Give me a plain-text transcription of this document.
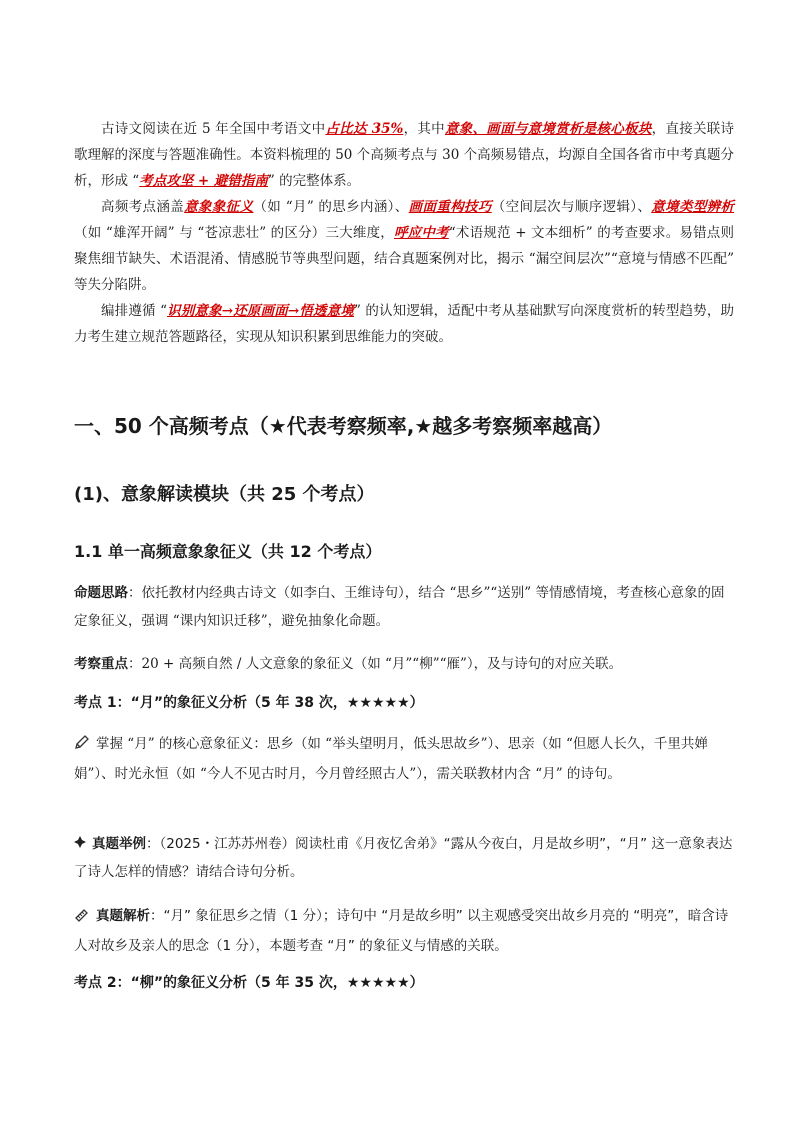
古诗文阅读在近 5 年全国中考语文中占比达 35%，其中意象、画面与意境赏析是核心板块，直接关联诗歌理解的深度与答题准确性。本资料梳理的 50 个高频考点与 30 个高频易错点，均源自全国各省市中考真题分析，形成 “考点攻坚 + 避错指南” 的完整体系。

高频考点涵盖意象象征义（如 “月” 的思乡内涵）、画面重构技巧（空间层次与顺序逻辑）、意境类型辨析（如 “雄浑开阔” 与 “苍凉悲壮” 的区分）三大维度，呼应中考“术语规范 + 文本细析” 的考查要求。易错点则聚焦细节缺失、术语混淆、情感脱节等典型问题，结合真题案例对比，揭示 “漏空间层次”“意境与情感不匹配” 等失分陷阱。

编排遵循 “识别意象→还原画面→悟透意境” 的认知逻辑，适配中考从基础默写向深度赏析的转型趋势，助力考生建立规范答题路径，实现从知识积累到思维能力的突破。

一、50 个高频考点（★代表考察频率,★越多考察频率越高）
(1)、意象解读模块（共 25 个考点）
1.1 单一高频意象象征义（共 12 个考点）

命题思路：依托教材内经典古诗文（如李白、王维诗句），结合 “思乡”“送别” 等情感情境，考查核心意象的固定象征义，强调 “课内知识迁移”，避免抽象化命题。

考察重点：20 + 高频自然 / 人文意象的象征义（如 “月”“柳”“雁”），及与诗句的对应关联。

考点 1：“月”的象征义分析（5 年 38 次，★★★★★）

掌握 “月” 的核心意象征义：思乡（如 “举头望明月，低头思故乡”）、思亲（如 “但愿人长久，千里共婵娟”）、时光永恒（如 “今人不见古时月，今月曾经照古人”），需关联教材内含 “月” 的诗句。

真题举例：（2025・江苏苏州卷）阅读杜甫《月夜忆舍弟》“露从今夜白，月是故乡明”，“月” 这一意象表达了诗人怎样的情感？请结合诗句分析。

真题解析：“月” 象征思乡之情（1 分）；诗句中 “月是故乡明” 以主观感受突出故乡月亮的 “明亮”，暗含诗人对故乡及亲人的思念（1 分），本题考查 “月” 的象征义与情感的关联。

考点 2：“柳”的象征义分析（5 年 35 次，★★★★★）
